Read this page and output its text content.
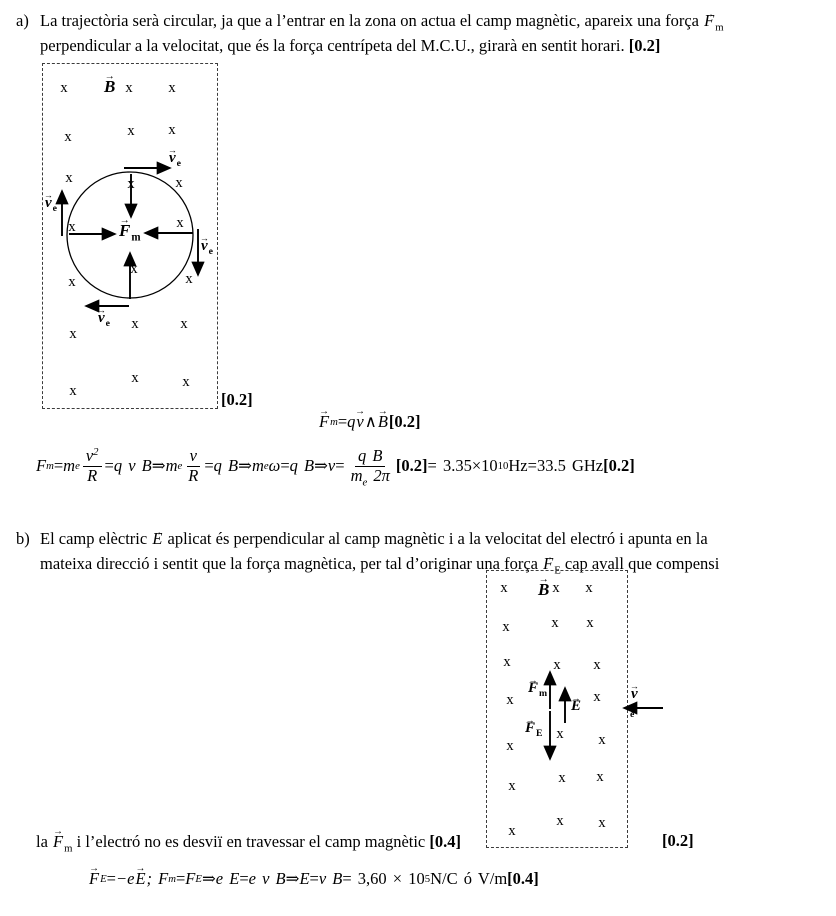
a) La trajectòria serà circular, ja que a l’entrar en la zona on actua el camp magnètic, apareix una força $F \to_m$
perpendicular a la velocitat, que és la força centrípeta del M.C.U., girarà en sentit horari. [0.2]
x	x x
x	x x
x	x	x
x	x
x
x
x
x
x	x
x	x
x
B →
$F \to_m$
$v \to_e$
$v \to_e$
$v \to_e$
$v \to_e$
[0.2]
F → m = q v → ∧ B → [0.2]
F m = m e $\frac{v^2}{R} = q$ v B ⇒ m e $\frac{v}{R} = q$ B ⇒ m e ω = q B ⇒ $\nu = \frac{\text{q B}}{m_e 2\pi} [0.2] = 3.35\times 10$ 10 Hz = 33.5 GHz [0.2]
b) El camp elèctric E → aplicat és perpendicular al camp magnètic i a la velocitat del electró i apunta en la
mateixa direcció i sentit que la força magnètica, per tal d’originar una força $F \to_E$ cap avall que compensi
x	x x
x	x x
x	x x
x	x
x
x x
x	x x
x
x x
B →
$F \to_m$
$F \to_E$
E →
$v \to_e$
[0.2]
la $F \to_m$ i l’electró no es desviï en travessar el camp magnètic [0.4]
F → E = −e E → ; F m = F E ⇒ e E = e v B ⇒ E = v B = 3,60 × 10 5 N/C ó V/m [0.4]
